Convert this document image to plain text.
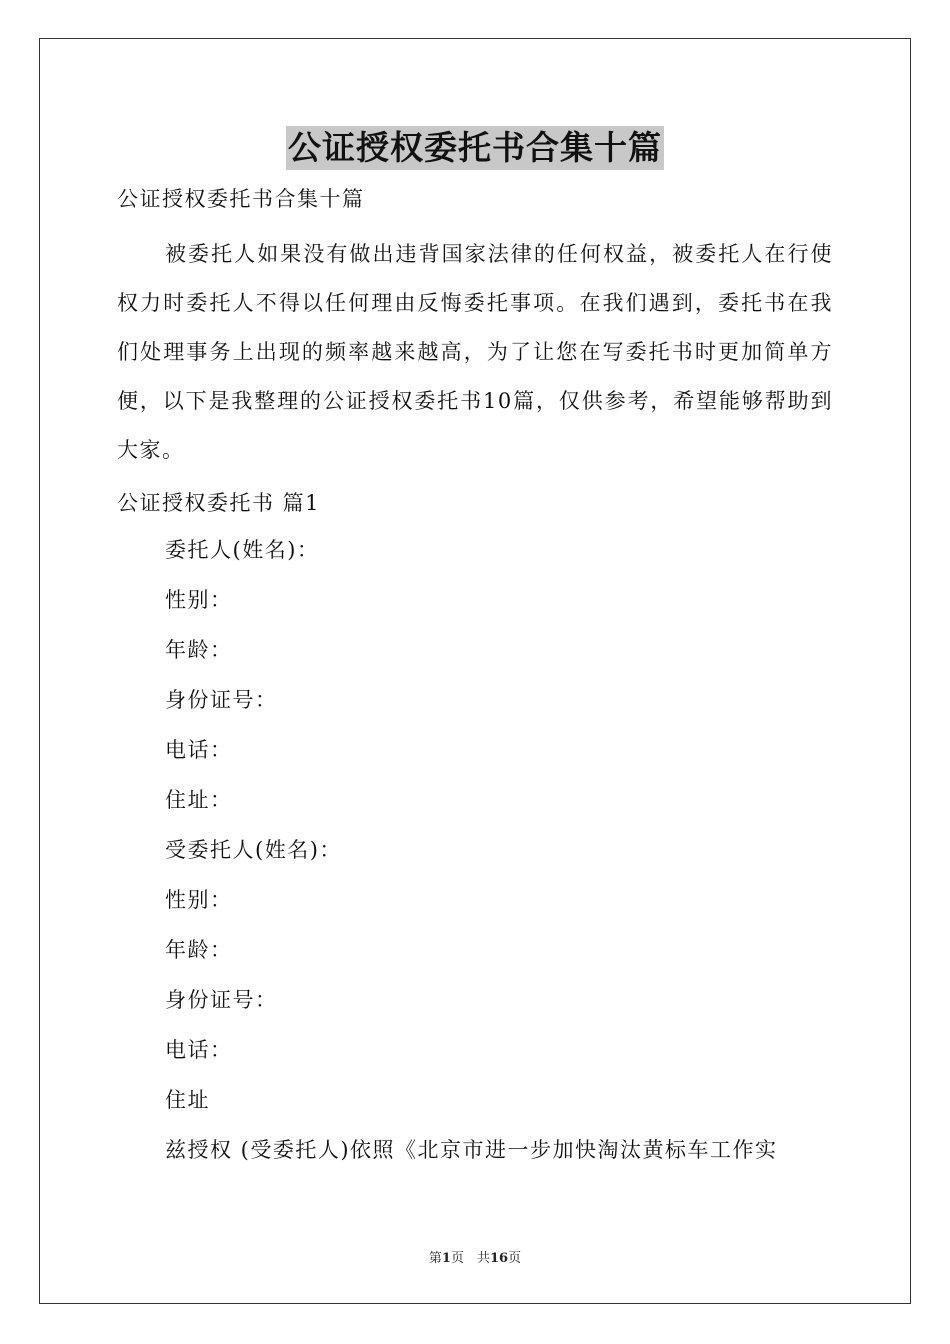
公证授权委托书合集十篇

公证授权委托书合集十篇

被委托人如果没有做出违背国家法律的任何权益，被委托人在行使权力时委托人不得以任何理由反悔委托事项。在我们遇到，委托书在我们处理事务上出现的频率越来越高，为了让您在写委托书时更加简单方便，以下是我整理的公证授权委托书10篇，仅供参考，希望能够帮助到大家。

公证授权委托书 篇1

委托人(姓名)：

性别：

年龄：

身份证号：

电话：

住址：

受委托人(姓名)：

性别：

年龄：

身份证号：

电话：

住址

兹授权 (受委托人)依照《北京市进一步加快淘汰黄标车工作实

第1页　共16页
